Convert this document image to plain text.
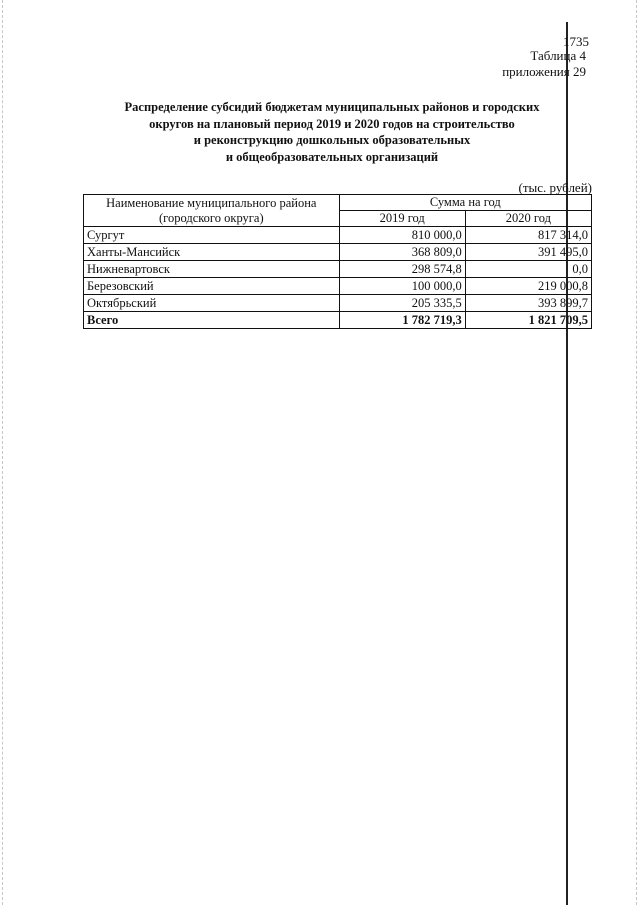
1735
Таблица 4
приложения 29
Распределение субсидий бюджетам муниципальных районов и городских
округов на плановый период 2019 и 2020 годов на строительство
и реконструкцию дошкольных образовательных
и общеобразовательных организаций
(тыс. рублей)
Наименование муниципального района (городского округа)	Сумма на год	
	2019 год	2020 год
Сургут	810 000,0	817 314,0
Ханты-Мансийск	368 809,0	391 495,0
Нижневартовск	298 574,8	0,0
Березовский	100 000,0	219 000,8
Октябрьский	205 335,5	393 899,7
Всего	1 782 719,3	1 821 709,5
